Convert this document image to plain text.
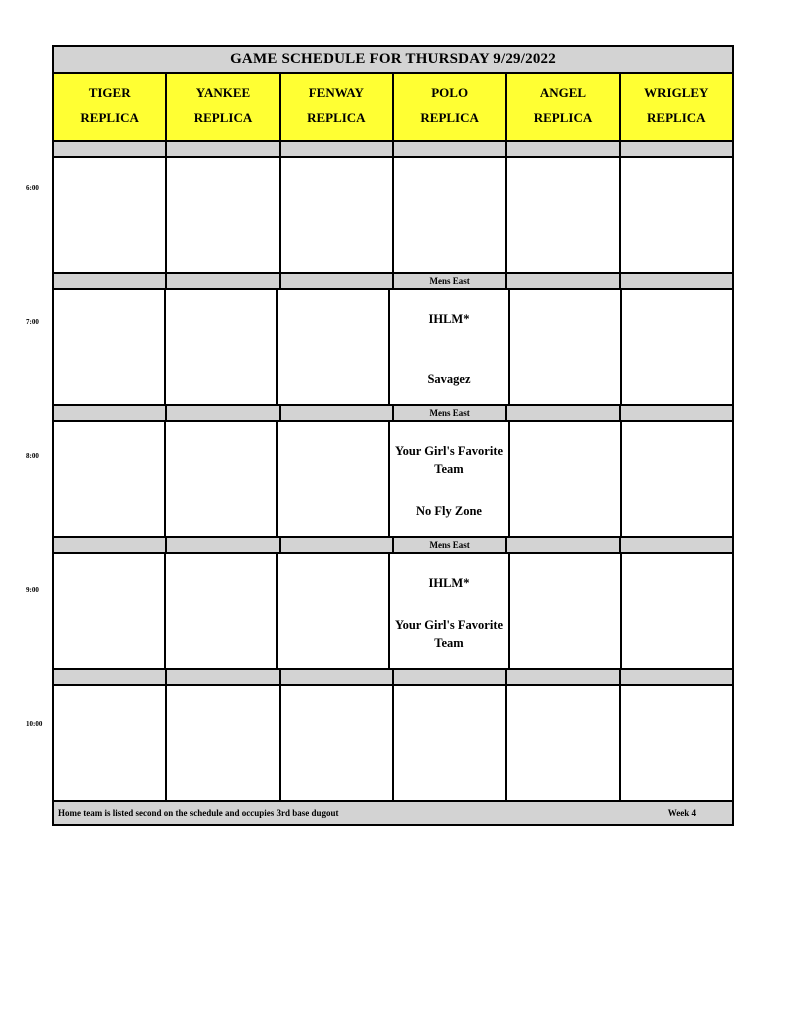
GAME SCHEDULE FOR THURSDAY 9/29/2022
TIGER
REPLICA
YANKEE
REPLICA
FENWAY
REPLICA
POLO
REPLICA
ANGEL
REPLICA
WRIGLEY
REPLICA
Mens East
IHLM*
Savagez
Mens East
Your Girl's Favorite Team
No Fly Zone
Mens East
IHLM*
Your Girl's Favorite Team
Home team is listed second on the schedule and occupies 3rd base dugout	Week 4
6:00
7:00
8:00
9:00
10:00
